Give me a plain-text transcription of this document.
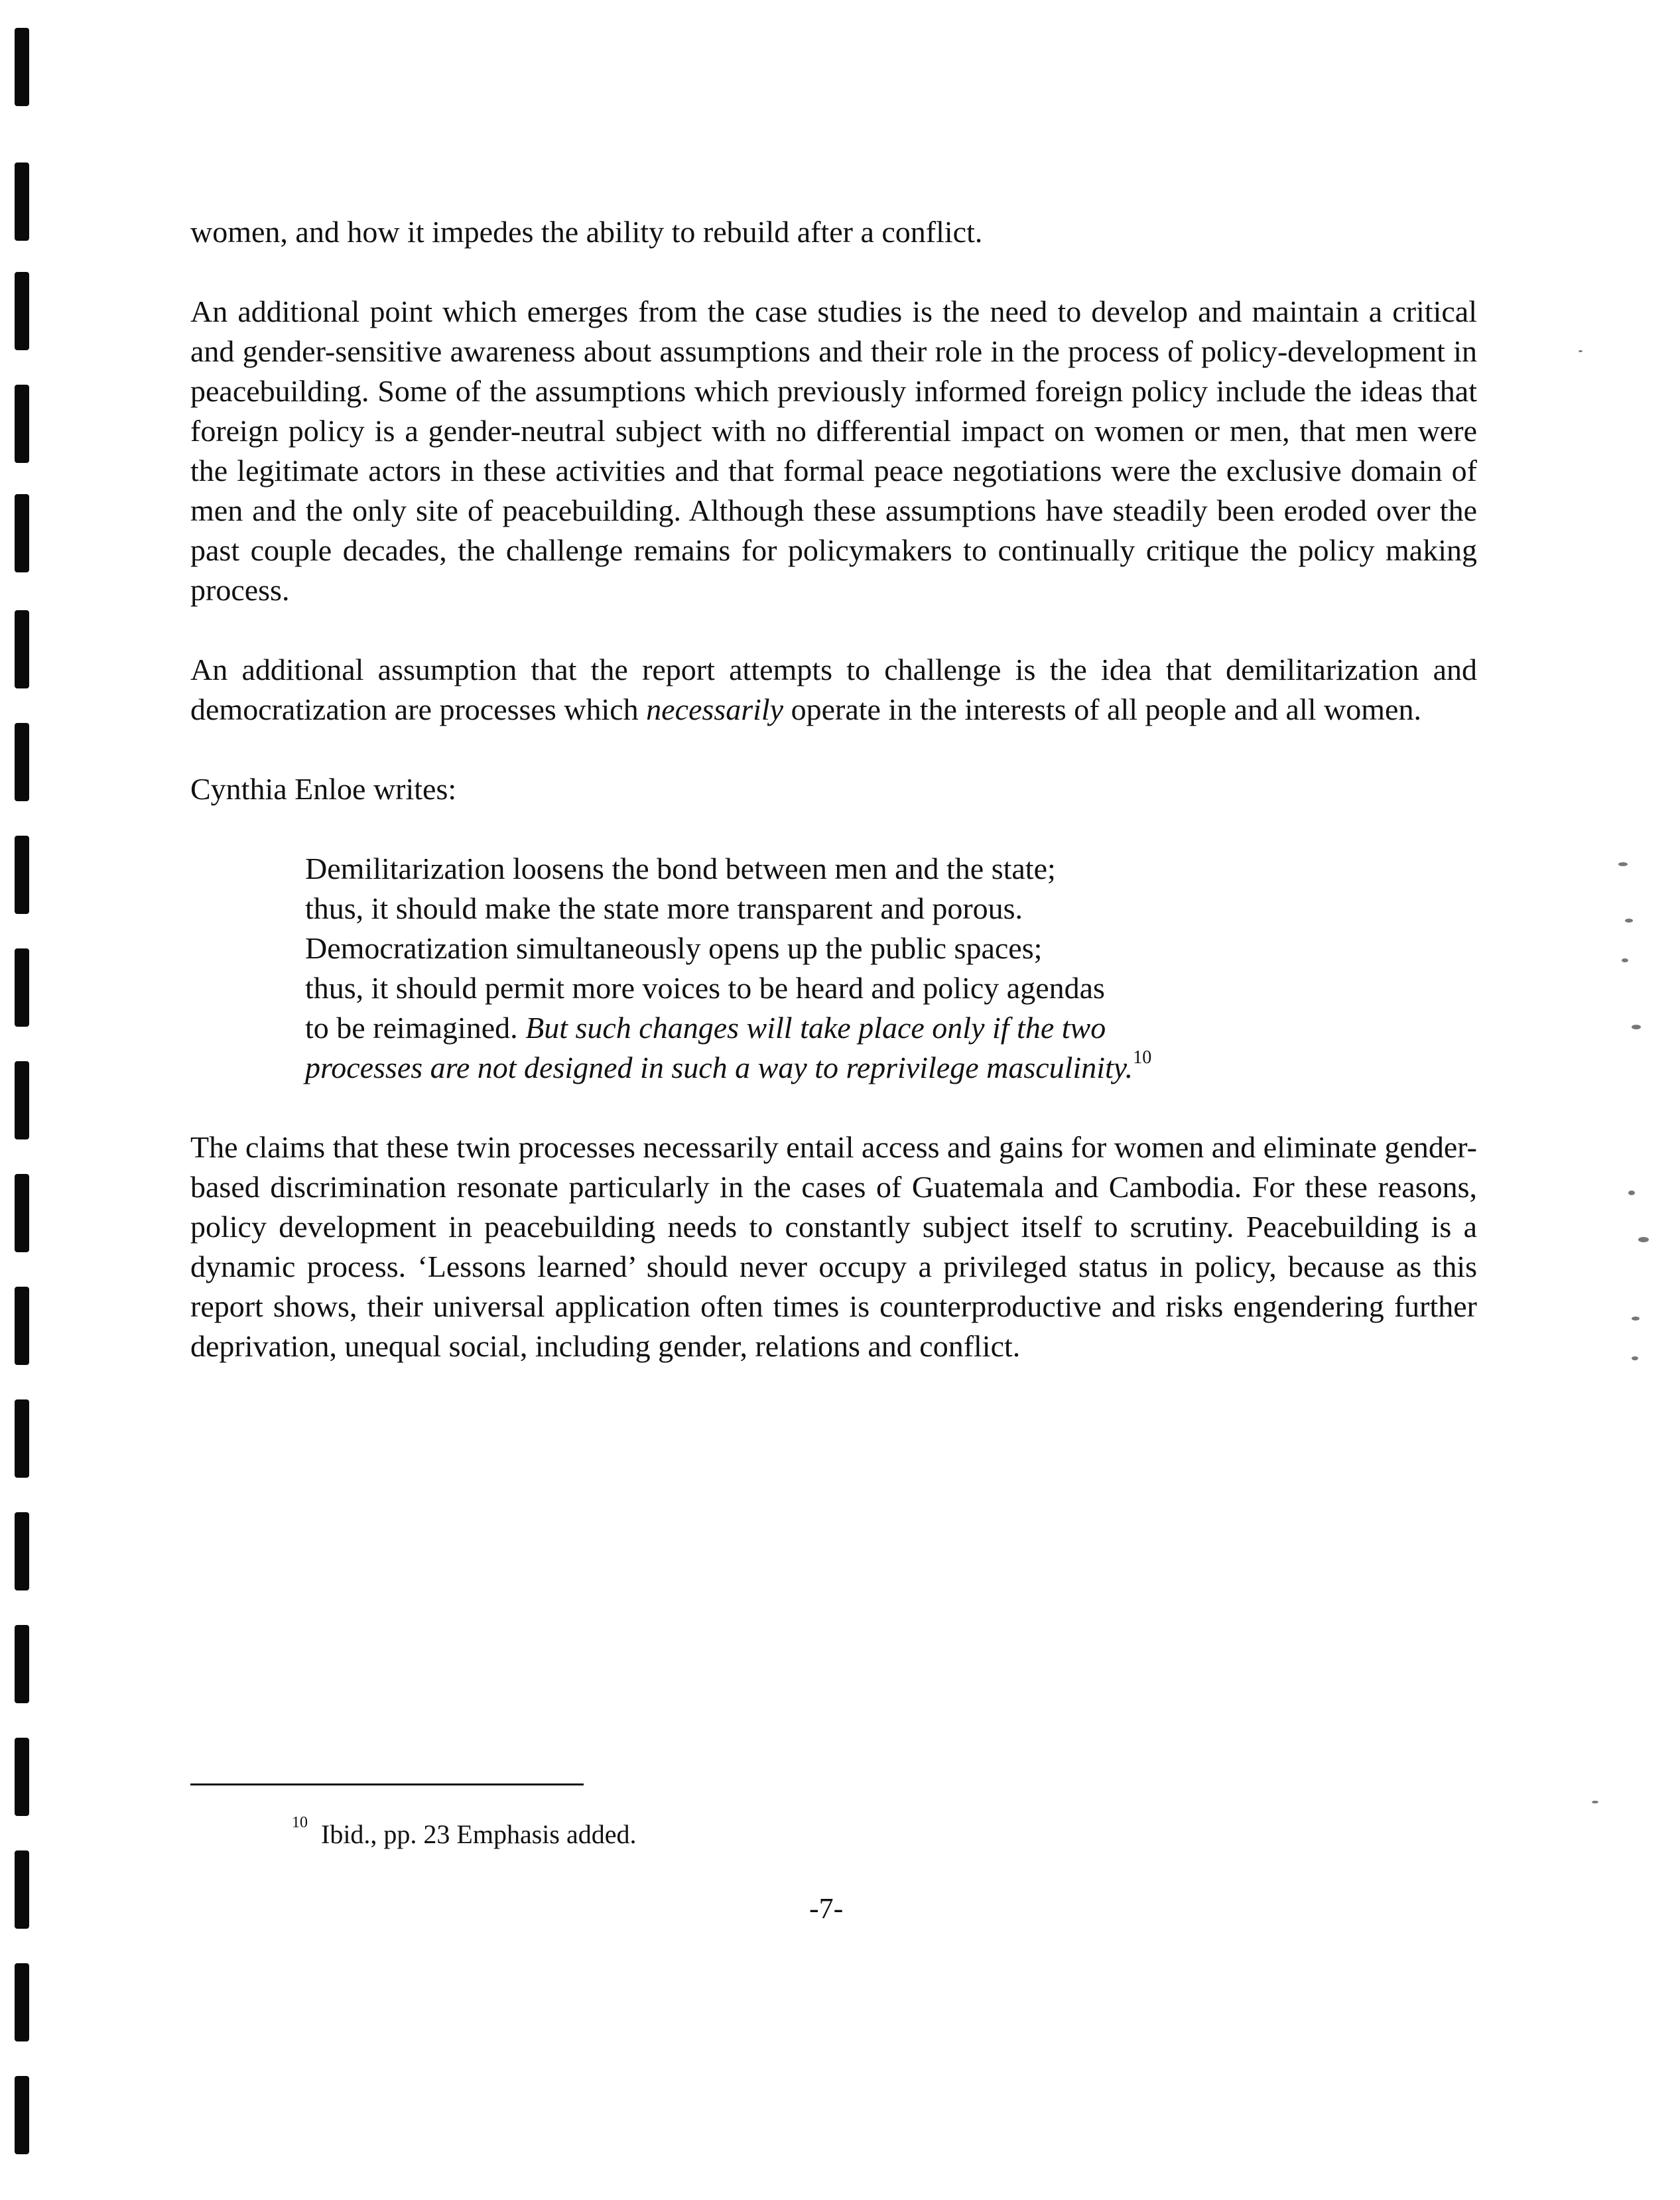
women, and how it impedes the ability to rebuild after a conflict.

An additional point which emerges from the case studies is the need to develop and maintain a critical and gender-sensitive awareness about assumptions and their role in the process of policy-development in peacebuilding. Some of the assumptions which previously informed foreign policy include the ideas that foreign policy is a gender-neutral subject with no differential impact on women or men, that men were the legitimate actors in these activities and that formal peace negotiations were the exclusive domain of men and the only site of peacebuilding. Although these assumptions have steadily been eroded over the past couple decades, the challenge remains for policymakers to continually critique the policy making process.

An additional assumption that the report attempts to challenge is the idea that demilitarization and democratization are processes which necessarily operate in the interests of all people and all women.

Cynthia Enloe writes:

Demilitarization loosens the bond between men and the state;
thus, it should make the state more transparent and porous.
Democratization simultaneously opens up the public spaces;
thus, it should permit more voices to be heard and policy agendas
to be reimagined. But such changes will take place only if the two
processes are not designed in such a way to reprivilege masculinity.$^{10}$

The claims that these twin processes necessarily entail access and gains for women and eliminate gender-based discrimination resonate particularly in the cases of Guatemala and Cambodia. For these reasons, policy development in peacebuilding needs to constantly subject itself to scrutiny. Peacebuilding is a dynamic process. ‘Lessons learned’ should never occupy a privileged status in policy, because as this report shows, their universal application often times is counterproductive and risks engendering further deprivation, unequal social, including gender, relations and conflict.

$^{10}$ Ibid., pp. 23 Emphasis added.
-7-
